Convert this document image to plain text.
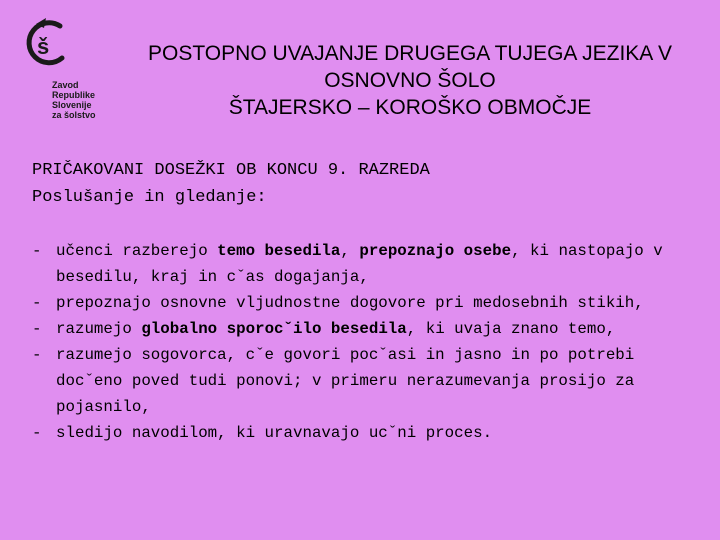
š
Zavod
Republike
Slovenije
za šolstvo
POSTOPNO UVAJANJE DRUGEGA TUJEGA JEZIKA V
OSNOVNO ŠOLO
ŠTAJERSKO – KOROŠKO OBMOČJE
PRIČAKOVANI DOSEŽKI OB KONCU 9. RAZREDA
Poslušanje in gledanje:
- učenci razberejo temo besedila, prepoznajo osebe, ki nastopajo v besedilu, kraj in cˇas dogajanja,
- prepoznajo osnovne vljudnostne dogovore pri medosebnih stikih,
- razumejo globalno sporocˇilo besedila, ki uvaja znano temo,
- razumejo sogovorca, cˇe govori pocˇasi in jasno in po potrebi docˇeno poved tudi ponovi; v primeru nerazumevanja prosijo za pojasnilo,
- sledijo navodilom, ki uravnavajo ucˇni proces.
